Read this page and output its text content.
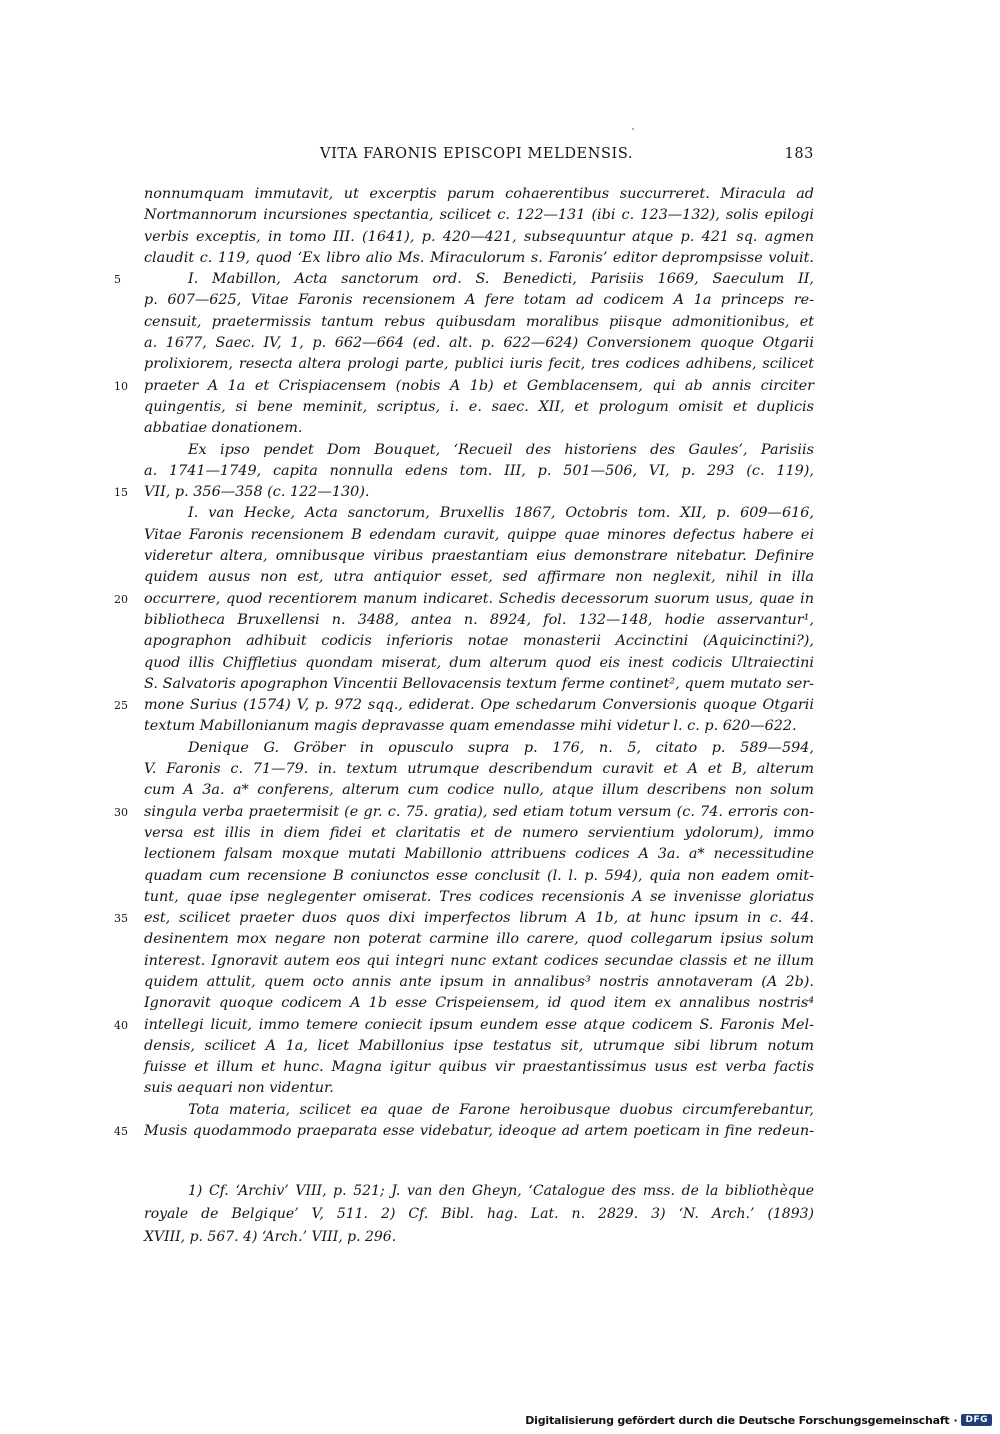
VITA FARONIS EPISCOPI MELDENSIS.	183
nonnumquam immutavit, ut excerptis parum cohaerentibus succurreret. Miracula ad
Nortmannorum incursiones spectantia, scilicet c. 122—131 (ibi c. 123—132), solis epilogi
verbis exceptis, in tomo III. (1641), p. 420—421, subsequuntur atque p. 421 sq. agmen
claudit c. 119, quod ‘Ex libro alio Ms. Miraculorum s. Faronis’ editor deprompsisse voluit.
5	I. Mabillon, Acta sanctorum ord. S. Benedicti, Parisiis 1669, Saeculum II,
p. 607—625, Vitae Faronis recensionem A fere totam ad codicem A 1a princeps re-
censuit, praetermissis tantum rebus quibusdam moralibus piisque admonitionibus, et
a. 1677, Saec. IV, 1, p. 662—664 (ed. alt. p. 622—624) Conversionem quoque Otgarii
prolixiorem, resecta altera prologi parte, publici iuris fecit, tres codices adhibens, scilicet
10	praeter A 1a et Crispiacensem (nobis A 1b) et Gemblacensem, qui ab annis circiter
quingentis, si bene meminit, scriptus, i. e. saec. XII, et prologum omisit et duplicis
abbatiae donationem.
Ex ipso pendet Dom Bouquet, ‘Recueil des historiens des Gaules’, Parisiis
a. 1741—1749, capita nonnulla edens tom. III, p. 501—506, VI, p. 293 (c. 119),
15	VII, p. 356—358 (c. 122—130).
I. van Hecke, Acta sanctorum, Bruxellis 1867, Octobris tom. XII, p. 609—616,
Vitae Faronis recensionem B edendam curavit, quippe quae minores defectus habere ei
videretur altera, omnibusque viribus praestantiam eius demonstrare nitebatur. Definire
quidem ausus non est, utra antiquior esset, sed affirmare non neglexit, nihil in illa
20	occurrere, quod recentiorem manum indicaret. Schedis decessorum suorum usus, quae in
bibliotheca Bruxellensi n. 3488, antea n. 8924, fol. 132—148, hodie asservantur¹,
apographon adhibuit codicis inferioris notae monasterii Accinctini (Aquicinctini?),
quod illis Chiffletius quondam miserat, dum alterum quod eis inest codicis Ultraiectini
S. Salvatoris apographon Vincentii Bellovacensis textum ferme continet², quem mutato ser-
25	mone Surius (1574) V, p. 972 sqq., ediderat. Ope schedarum Conversionis quoque Otgarii
textum Mabillonianum magis depravasse quam emendasse mihi videtur l. c. p. 620—622.
Denique G. Gröber in opusculo supra p. 176, n. 5, citato p. 589—594,
V. Faronis c. 71—79. in. textum utrumque describendum curavit et A et B, alterum
cum A 3a. a* conferens, alterum cum codice nullo, atque illum describens non solum
30	singula verba praetermisit (e gr. c. 75. gratia), sed etiam totum versum (c. 74. erroris con-
versa est illis in diem fidei et claritatis et de numero servientium ydolorum), immo
lectionem falsam moxque mutati Mabillonio attribuens codices A 3a. a* necessitudine
quadam cum recensione B coniunctos esse conclusit (l. l. p. 594), quia non eadem omit-
tunt, quae ipse neglegenter omiserat. Tres codices recensionis A se invenisse gloriatus
35	est, scilicet praeter duos quos dixi imperfectos librum A 1b, at hunc ipsum in c. 44.
desinentem mox negare non poterat carmine illo carere, quod collegarum ipsius solum
interest. Ignoravit autem eos qui integri nunc extant codices secundae classis et ne illum
quidem attulit, quem octo annis ante ipsum in annalibus³ nostris annotaveram (A 2b).
Ignoravit quoque codicem A 1b esse Crispeiensem, id quod item ex annalibus nostris⁴
40	intellegi licuit, immo temere coniecit ipsum eundem esse atque codicem S. Faronis Mel-
densis, scilicet A 1a, licet Mabillonius ipse testatus sit, utrumque sibi librum notum
fuisse et illum et hunc. Magna igitur quibus vir praestantissimus usus est verba factis
suis aequari non videntur.
Tota materia, scilicet ea quae de Farone heroibusque duobus circumferebantur,
45	Musis quodammodo praeparata esse videbatur, ideoque ad artem poeticam in fine redeun-
1) Cf. ‘Archiv’ VIII, p. 521; J. van den Gheyn, ‘Catalogue des mss. de la bibliothèque
royale de Belgique’ V, 511. 2) Cf. Bibl. hag. Lat. n. 2829. 3) ‘N. Arch.’ (1893)
XVIII, p. 567. 4) ‘Arch.’ VIII, p. 296.
Digitalisierung gefördert durch die Deutsche Forschungsgemeinschaft · DFG
